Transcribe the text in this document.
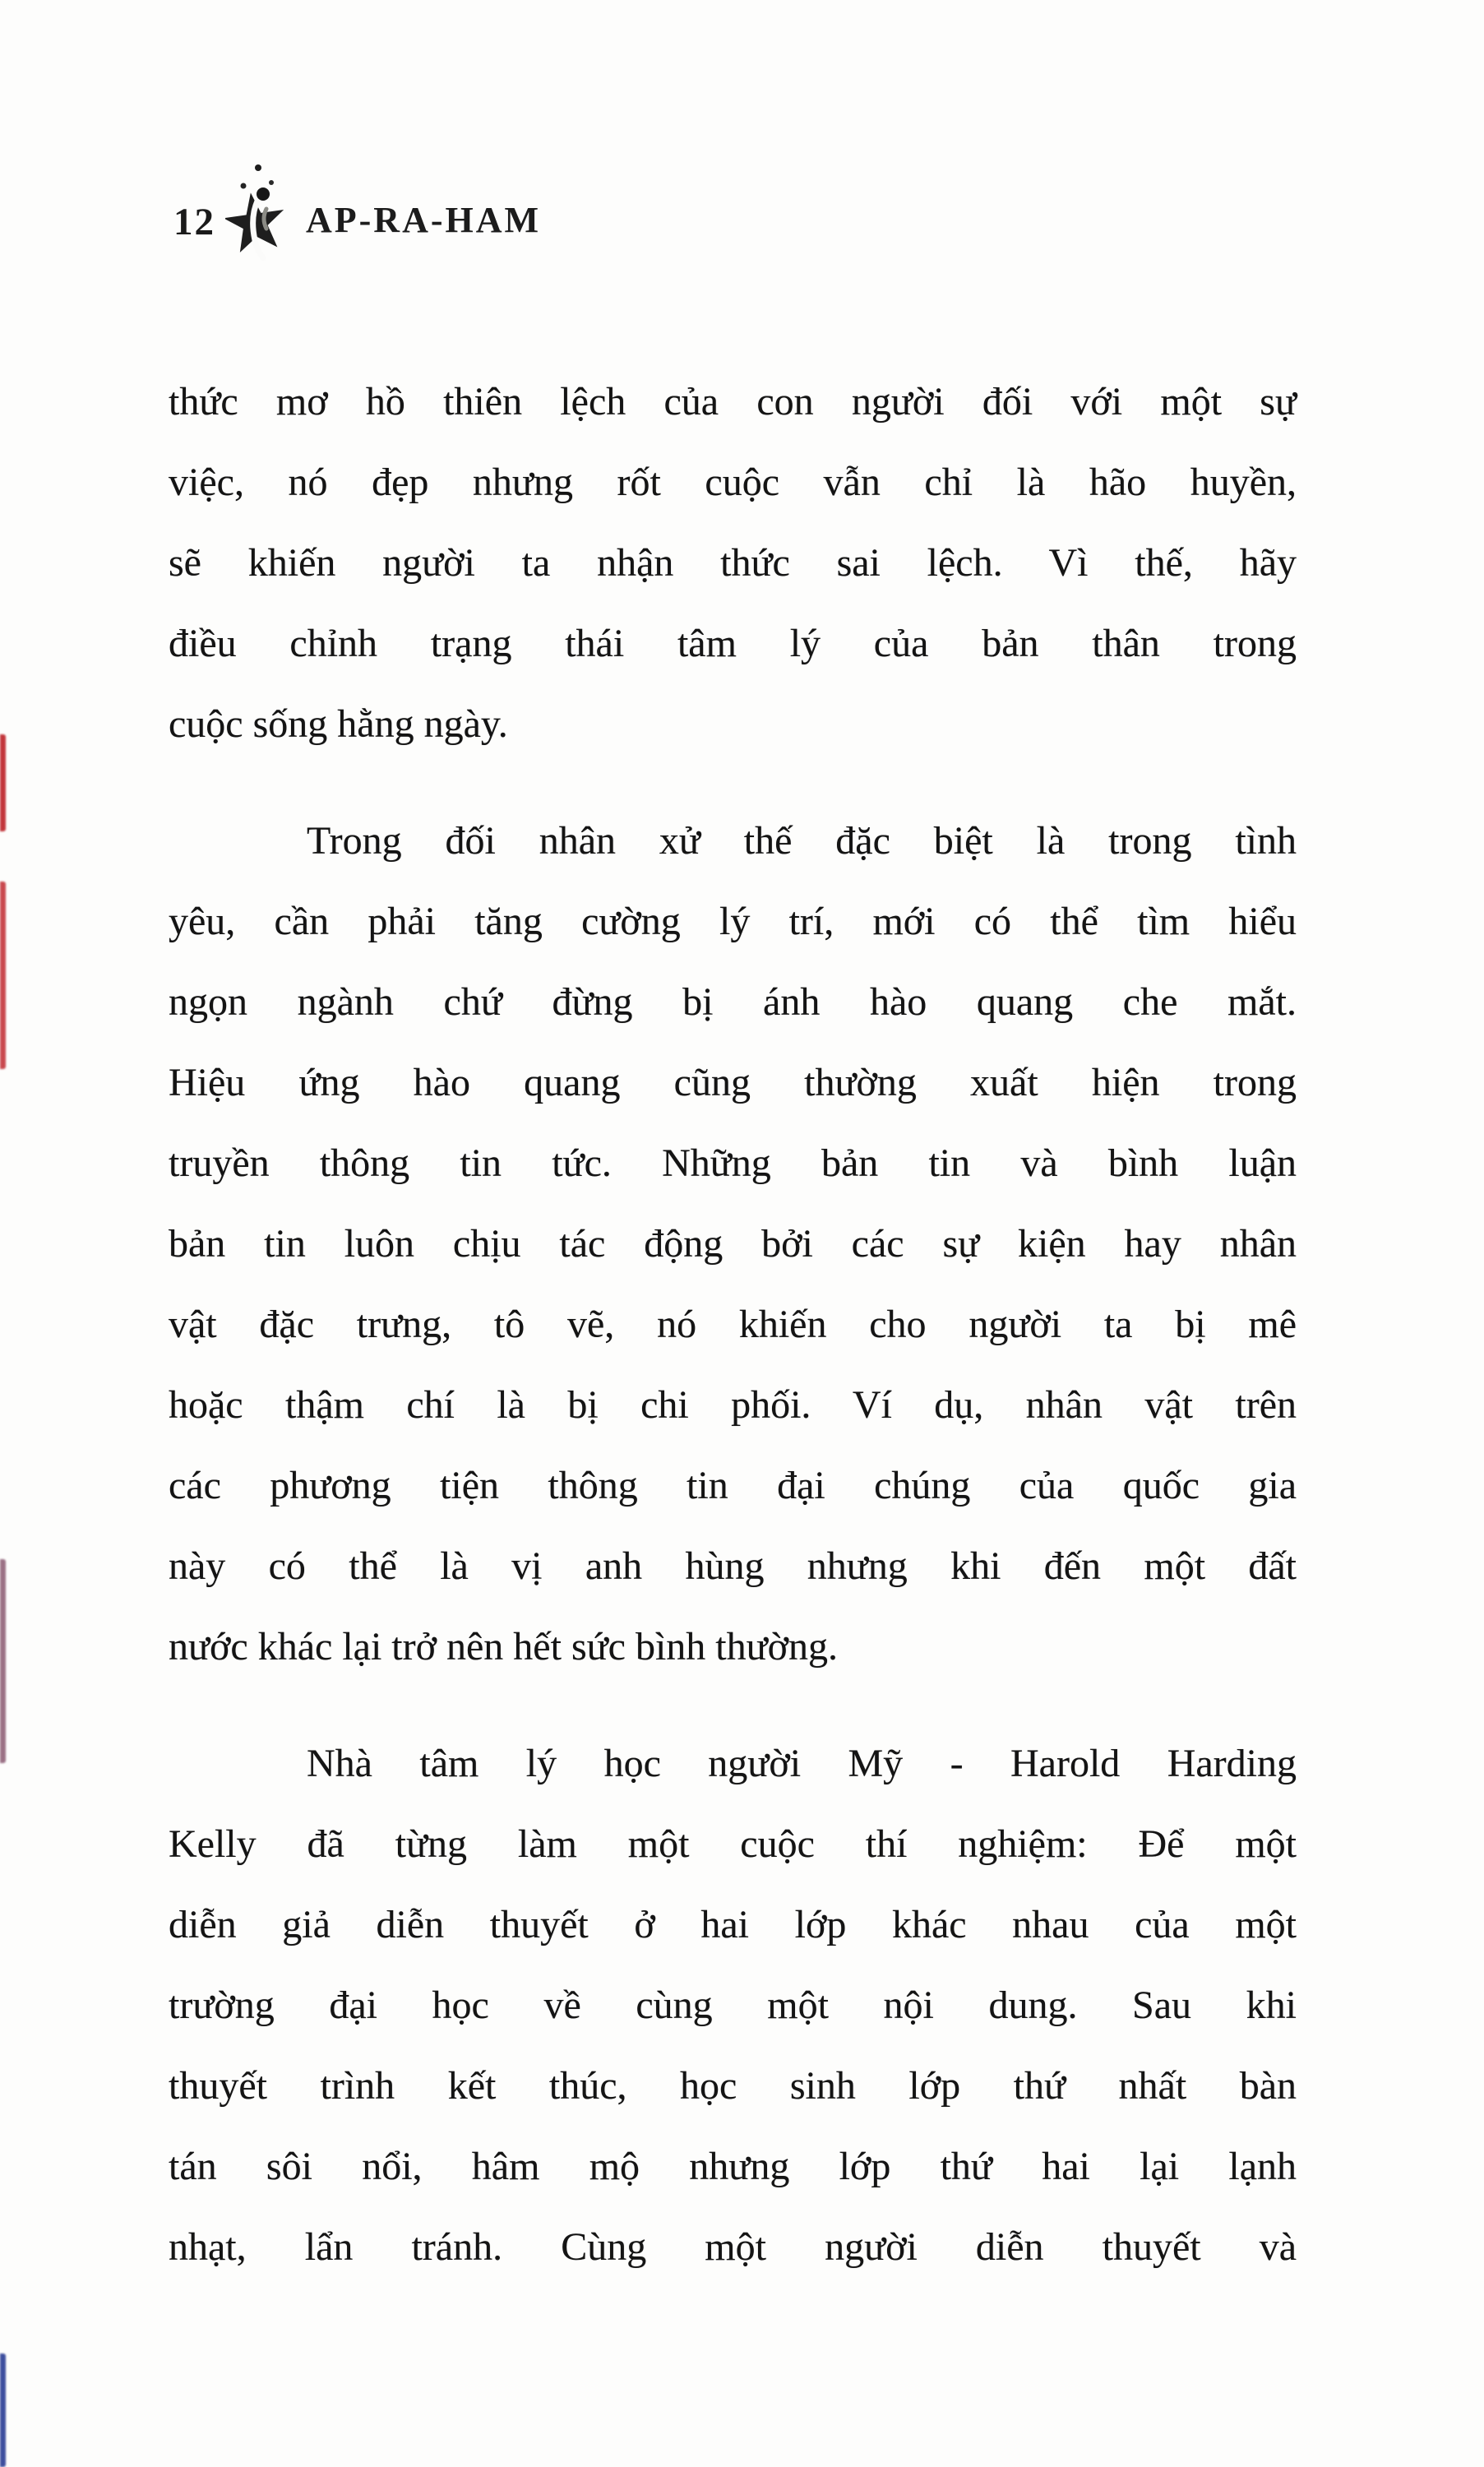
12	AP-RA-HAM
thức mơ hồ thiên lệch của con người đối với một sự
việc, nó đẹp nhưng rốt cuộc vẫn chỉ là hão huyền,
sẽ khiến người ta nhận thức sai lệch. Vì thế, hãy
điều chỉnh trạng thái tâm lý của bản thân trong
cuộc sống hằng ngày.
Trong đối nhân xử thế đặc biệt là trong tình
yêu, cần phải tăng cường lý trí, mới có thể tìm hiểu
ngọn ngành chứ đừng bị ánh hào quang che mắt.
Hiệu ứng hào quang cũng thường xuất hiện trong
truyền thông tin tức. Những bản tin và bình luận
bản tin luôn chịu tác động bởi các sự kiện hay nhân
vật đặc trưng, tô vẽ, nó khiến cho người ta bị mê
hoặc thậm chí là bị chi phối. Ví dụ, nhân vật trên
các phương tiện thông tin đại chúng của quốc gia
này có thể là vị anh hùng nhưng khi đến một đất
nước khác lại trở nên hết sức bình thường.
Nhà tâm lý học người Mỹ - Harold Harding
Kelly đã từng làm một cuộc thí nghiệm: Để một
diễn giả diễn thuyết ở hai lớp khác nhau của một
trường đại học về cùng một nội dung. Sau khi
thuyết trình kết thúc, học sinh lớp thứ nhất bàn
tán sôi nổi, hâm mộ nhưng lớp thứ hai lại lạnh
nhạt, lẩn tránh. Cùng một người diễn thuyết và
